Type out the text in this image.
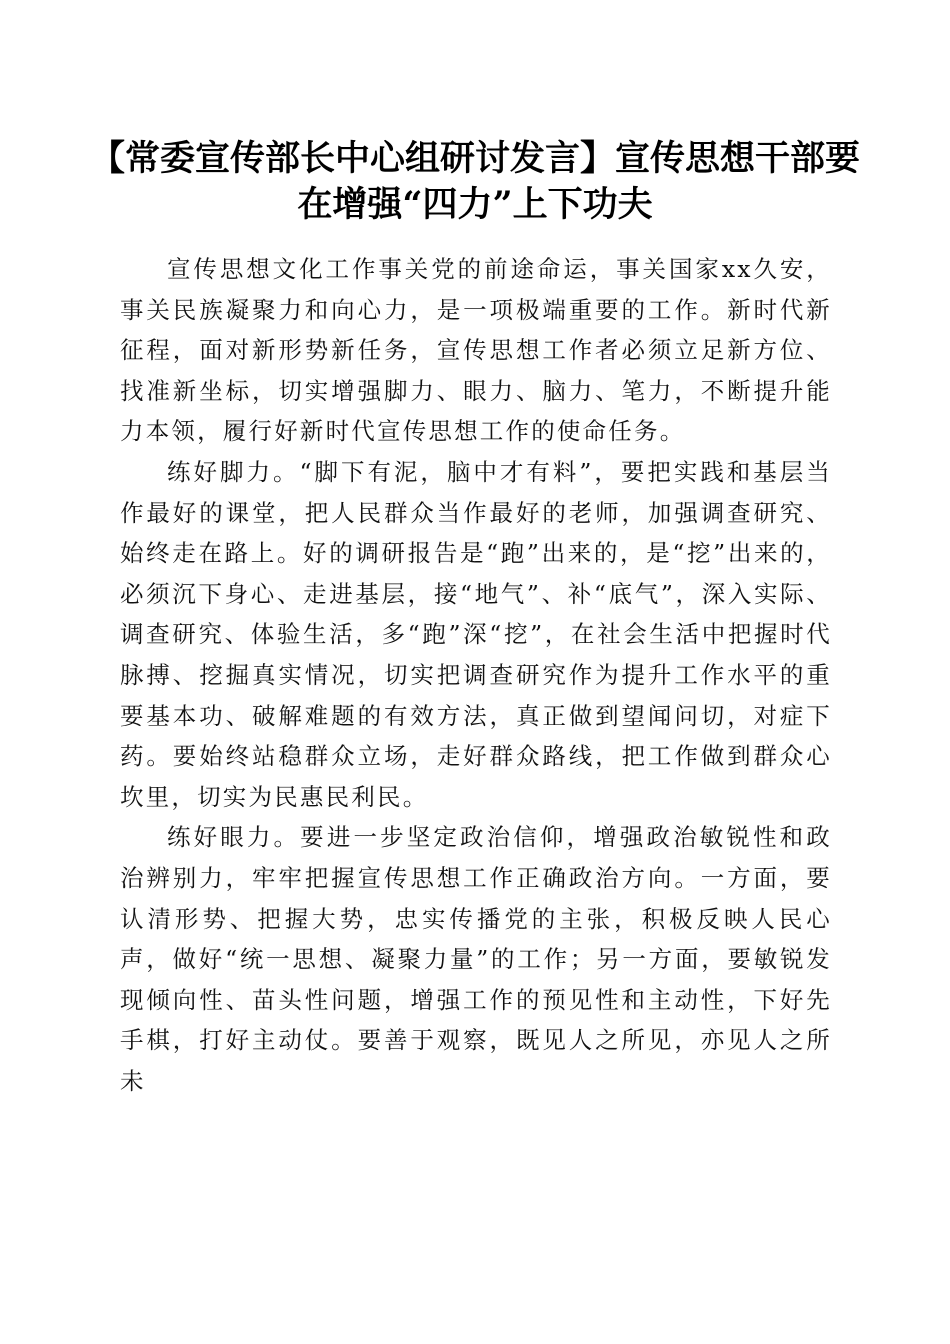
【常委宣传部长中心组研讨发言】宣传思想干部要在增强“四力”上下功夫

宣传思想文化工作事关党的前途命运，事关国家xx久安，事关民族凝聚力和向心力，是一项极端重要的工作。新时代新征程，面对新形势新任务，宣传思想工作者必须立足新方位、找准新坐标，切实增强脚力、眼力、脑力、笔力，不断提升能力本领，履行好新时代宣传思想工作的使命任务。

练好脚力。“脚下有泥，脑中才有料”，要把实践和基层当作最好的课堂，把人民群众当作最好的老师，加强调查研究、始终走在路上。好的调研报告是“跑”出来的，是“挖”出来的，必须沉下身心、走进基层，接“地气”、补“底气”，深入实际、调查研究、体验生活，多“跑”深“挖”，在社会生活中把握时代脉搏、挖掘真实情况，切实把调查研究作为提升工作水平的重要基本功、破解难题的有效方法，真正做到望闻问切，对症下药。要始终站稳群众立场，走好群众路线，把工作做到群众心坎里，切实为民惠民利民。

练好眼力。要进一步坚定政治信仰，增强政治敏锐性和政治辨别力，牢牢把握宣传思想工作正确政治方向。一方面，要认清形势、把握大势，忠实传播党的主张，积极反映人民心声，做好“统一思想、凝聚力量”的工作；另一方面，要敏锐发现倾向性、苗头性问题，增强工作的预见性和主动性，下好先手棋，打好主动仗。要善于观察，既见人之所见，亦见人之所未
